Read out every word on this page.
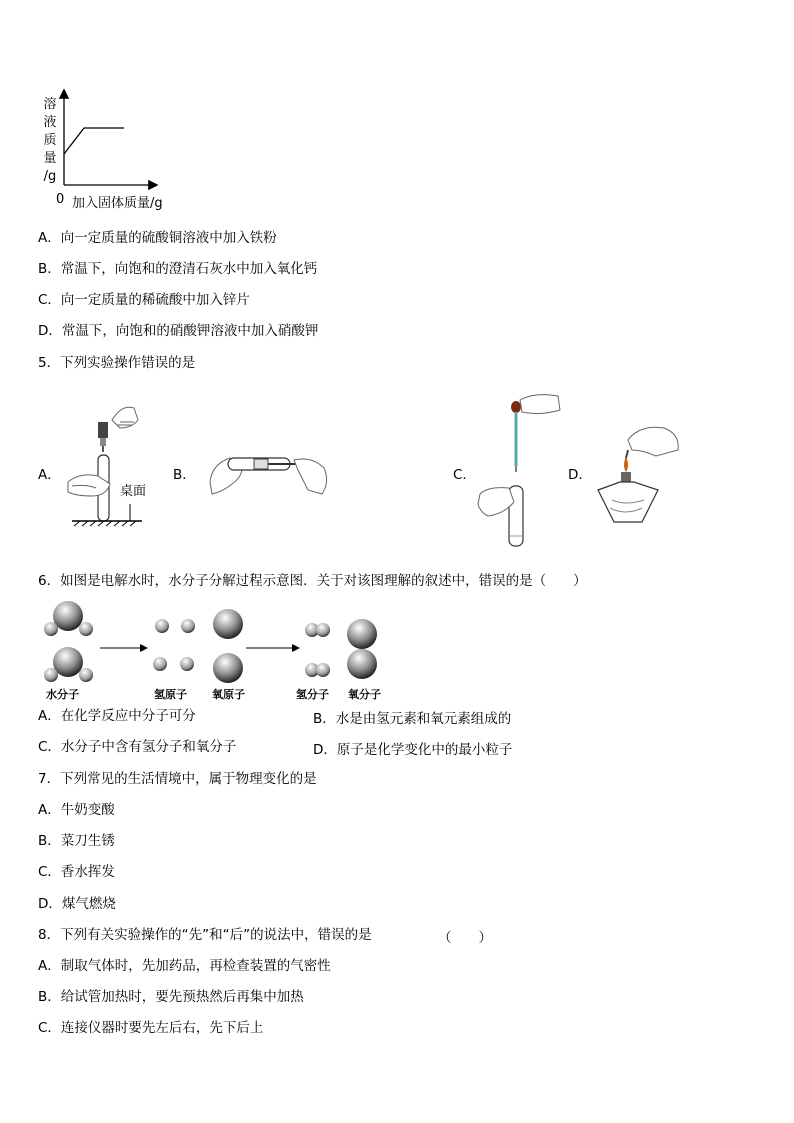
溶
液
质
量
/g
0 加入固体质量/g
A．向一定质量的硫酸铜溶液中加入铁粉
B．常温下，向饱和的澄清石灰水中加入氧化钙
C．向一定质量的稀硫酸中加入锌片
D．常温下，向饱和的硝酸钾溶液中加入硝酸钾
5．下列实验操作错误的是
A．
桌面
B．	C．	D．
6．如图是电解水时，水分子分解过程示意图．关于对该图理解的叙述中，错误的是（　　）
水分子	氢原子 氧原子	氢分子 氧分子
A．在化学反应中分子可分	B．水是由氢元素和氧元素组成的
C．水分子中含有氢分子和氧分子	D．原子是化学变化中的最小粒子
7．下列常见的生活情境中，属于物理变化的是
A．牛奶变酸
B．菜刀生锈
C．香水挥发
D．煤气燃烧
8．下列有关实验操作的“先”和“后”的说法中，错误的是	（　　）
A．制取气体时，先加药品，再检查装置的气密性
B．给试管加热时，要先预热然后再集中加热
C．连接仪器时要先左后右，先下后上
